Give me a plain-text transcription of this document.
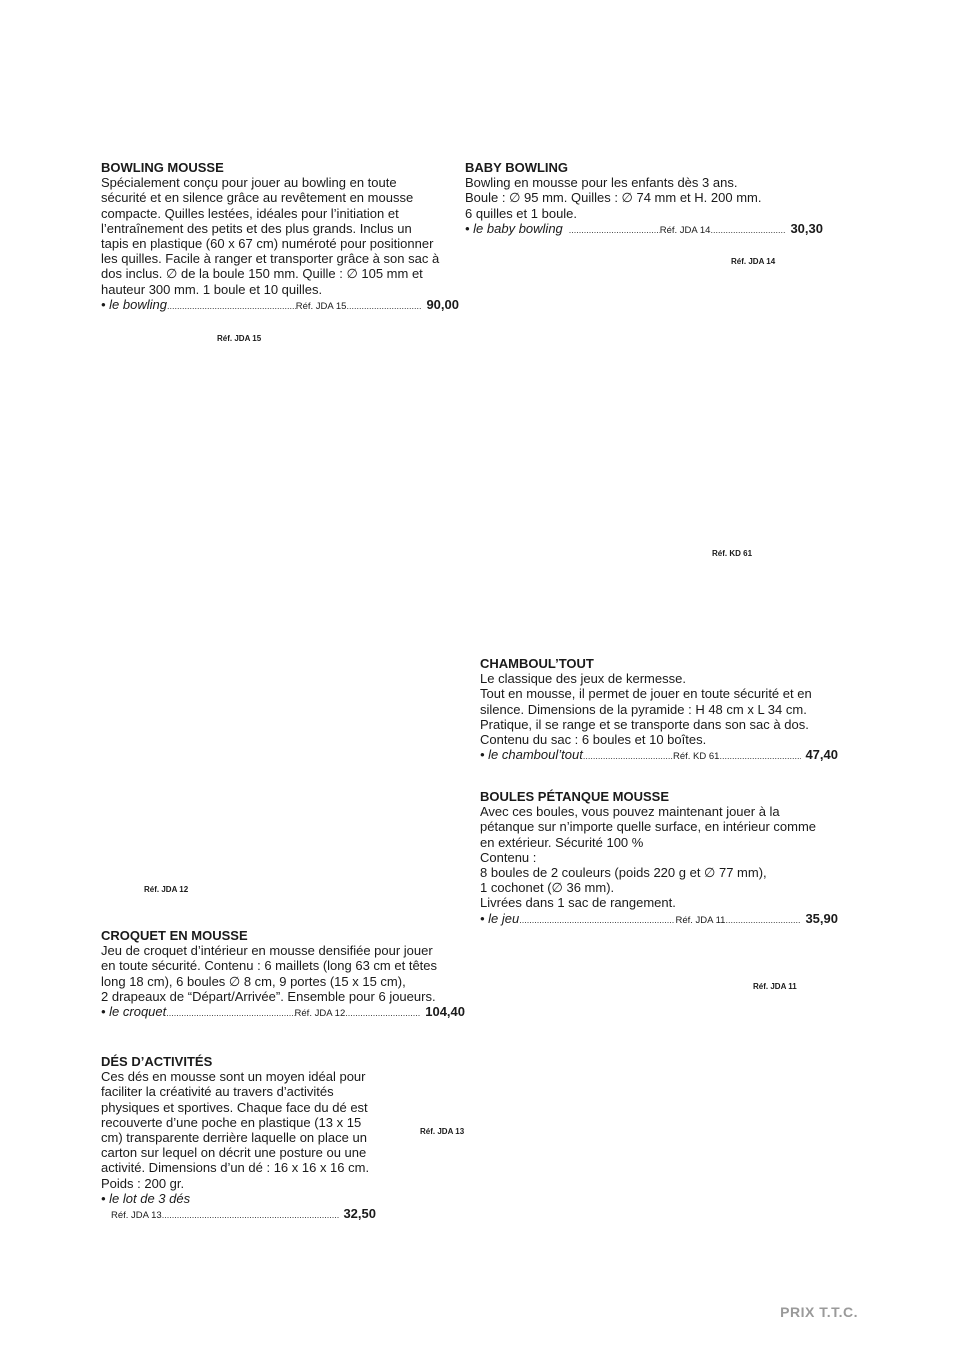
BOWLING MOUSSE

Spécialement conçu pour jouer au bowling en toute
sécurité et en silence grâce au revêtement en mousse
compacte. Quilles lestées, idéales pour l’initiation et
l’entraînement des petits et des plus grands. Inclus un
tapis en plastique (60 x 67 cm) numéroté pour positionner
les quilles. Facile à ranger et transporter grâce à son sac à
dos inclus. ∅ de la boule 150 mm. Quille : ∅ 105 mm et
hauteur 300 mm. 1 boule et 10 quilles.

• le bowling .....	Réf. JDA 15 .....	90,00

BABY BOWLING

Bowling en mousse pour les enfants dès 3 ans.
Boule : ∅ 95 mm. Quilles : ∅ 74 mm et H. 200 mm.
6 quilles et 1 boule.

• le baby bowling .....	Réf. JDA 14 .....	30,30

CHAMBOUL’TOUT

Le classique des jeux de kermesse.
Tout en mousse, il permet de jouer en toute sécurité et en
silence. Dimensions de la pyramide : H 48 cm x L 34 cm.
Pratique, il se range et se transporte dans son sac à dos.
Contenu du sac : 6 boules et 10 boîtes.

• le chamboul’tout .....	Réf. KD 61 .....	47,40

BOULES PÉTANQUE MOUSSE

Avec ces boules, vous pouvez maintenant jouer à la
pétanque sur n’importe quelle surface, en intérieur comme
en extérieur. Sécurité 100 %
Contenu :
8 boules de 2 couleurs (poids 220 g et ∅ 77 mm),
1 cochonet (∅ 36 mm).
Livrées dans 1 sac de rangement.

• le jeu .....	Réf. JDA 11 .....	35,90

CROQUET EN MOUSSE

Jeu de croquet d’intérieur en mousse densifiée pour jouer
en toute sécurité. Contenu : 6 maillets (long 63 cm et têtes
long 18 cm), 6 boules ∅ 8 cm, 9 portes (15 x 15 cm),
2 drapeaux de “Départ/Arrivée”. Ensemble pour 6 joueurs.

• le croquet .....	Réf. JDA 12 .....	104,40

DÉS D’ACTIVITÉS

Ces dés en mousse sont un moyen idéal pour
faciliter la créativité au travers d’activités
physiques et sportives. Chaque face du dé est
recouverte d’une poche en plastique (13 x 15
cm) transparente derrière laquelle on place un
carton sur lequel on décrit une posture ou une
activité. Dimensions d’un dé : 16 x 16 x 16 cm.
Poids : 200 gr.

• le lot de 3 dés
Réf. JDA 13 .....	32,50
Réf. JDA 15
Réf. JDA 14
Réf. KD 61
Réf. JDA 12
Réf. JDA 11
Réf. JDA 13
PRIX T.T.C.
